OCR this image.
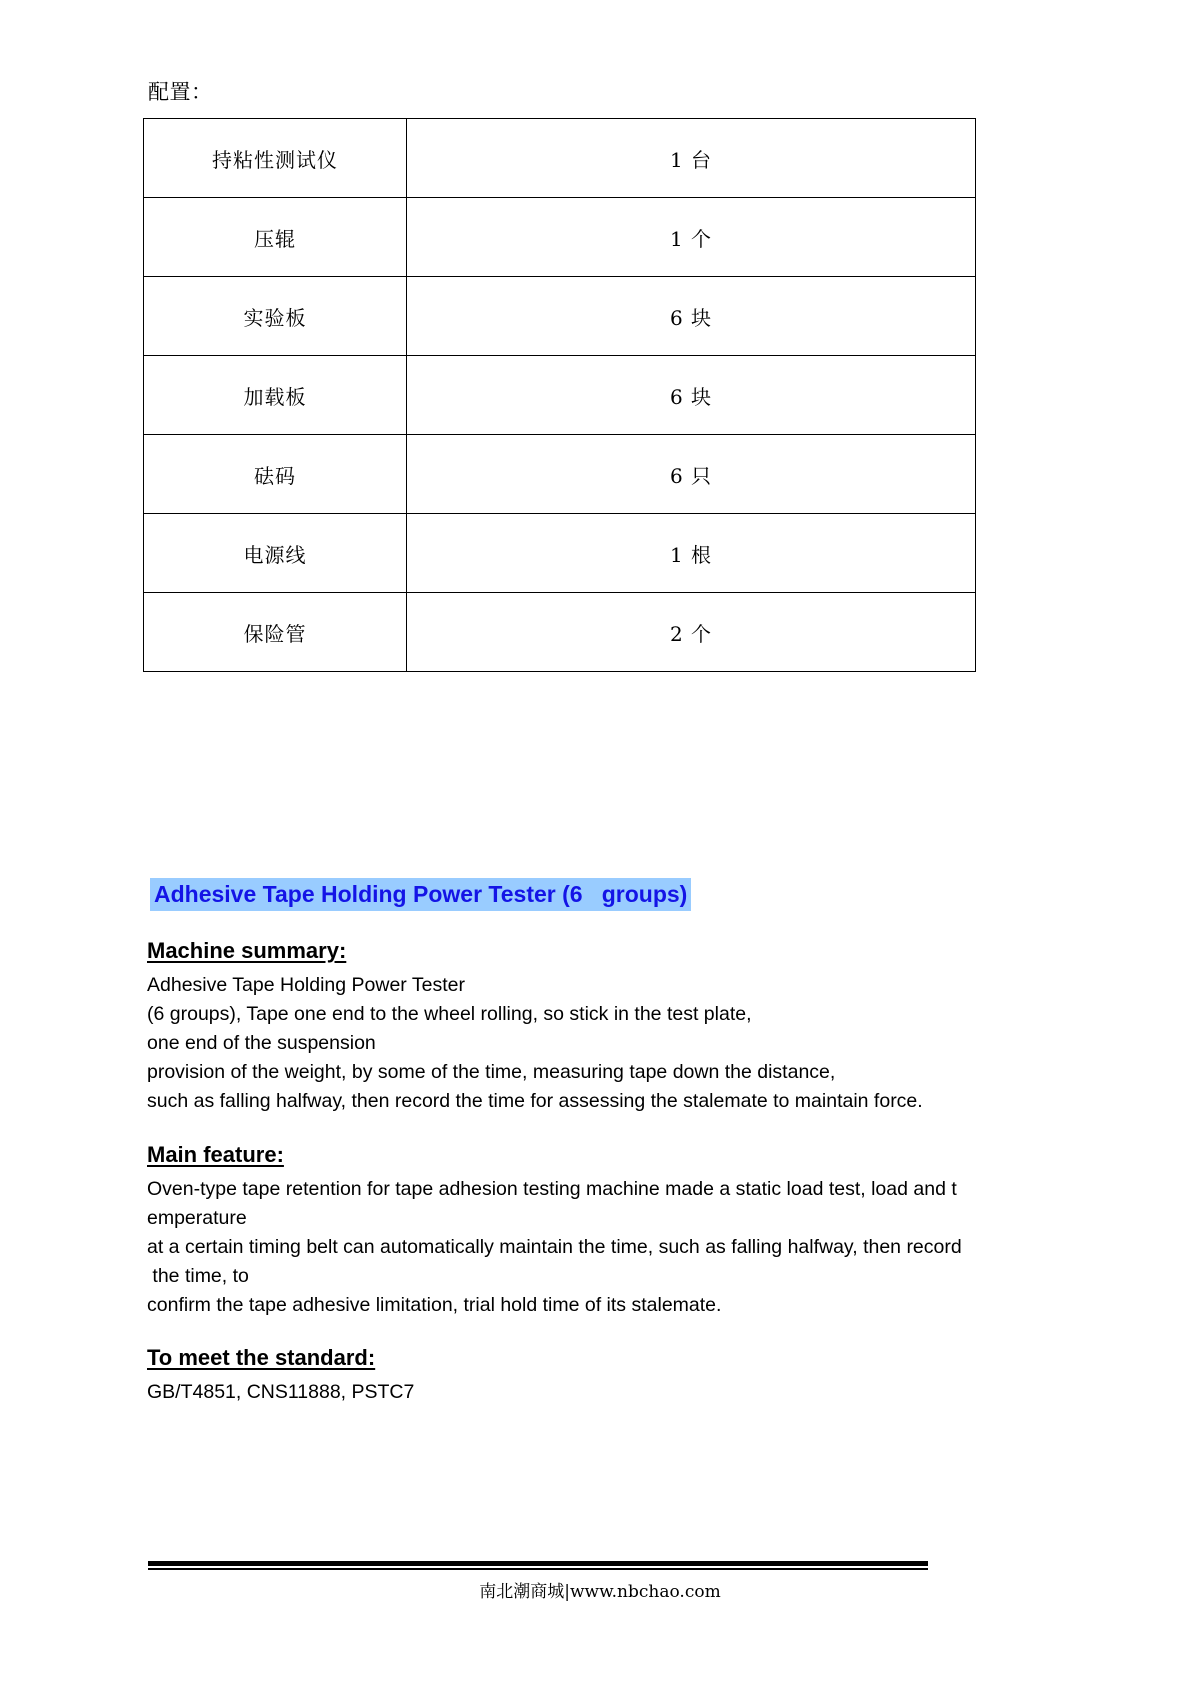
配置：
持粘性测试仪	1 台
压辊	1 个
实验板	6 块
加载板	6 块
砝码	6 只
电源线	1 根
保险管	2 个
Adhesive Tape Holding Power Tester (6   groups)
Machine summary:

Adhesive Tape Holding Power Tester

(6 groups), Tape one end to the wheel rolling, so stick in the test plate,

one end of the suspension

provision of the weight, by some of the time, measuring tape down the distance,

such as falling halfway, then record the time for assessing the stalemate to maintain force.

Main feature:

Oven-type tape retention for tape adhesion testing machine made a static load test, load and t

emperature

at a certain timing belt can automatically maintain the time, such as falling halfway, then record

the time, to

confirm the tape adhesive limitation, trial hold time of its stalemate.

To meet the standard:

GB/T4851, CNS11888, PSTC7

南北潮商城|www.nbchao.com
